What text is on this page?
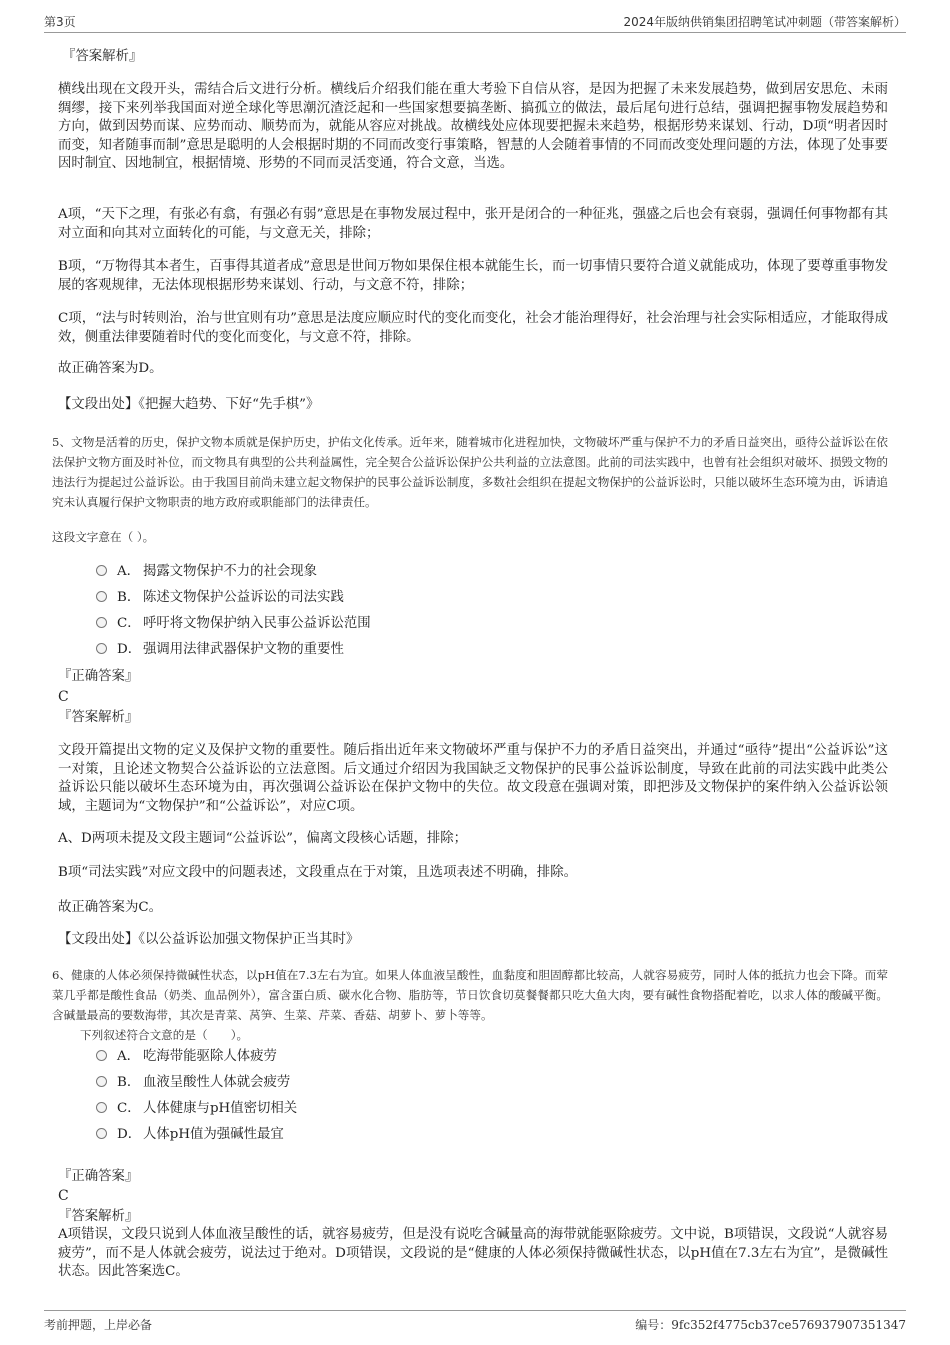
第3页	2024年版纳供销集团招聘笔试冲刺题（带答案解析）
『答案解析』
横线出现在文段开头，需结合后文进行分析。横线后介绍我们能在重大考验下自信从容，是因为把握了未来发展趋势，做到居安思危、未雨绸缪，接下来列举我国面对逆全球化等思潮沉渣泛起和一些国家想要搞垄断、搞孤立的做法，最后尾句进行总结，强调把握事物发展趋势和方向，做到因势而谋、应势而动、顺势而为，就能从容应对挑战。故横线处应体现要把握未来趋势，根据形势来谋划、行动，D项“明者因时而变，知者随事而制”意思是聪明的人会根据时期的不同而改变行事策略，智慧的人会随着事情的不同而改变处理问题的方法，体现了处事要因时制宜、因地制宜，根据情境、形势的不同而灵活变通，符合文意，当选。
A项，“天下之理，有张必有翕，有强必有弱”意思是在事物发展过程中，张开是闭合的一种征兆，强盛之后也会有衰弱，强调任何事物都有其对立面和向其对立面转化的可能，与文意无关，排除；
B项，“万物得其本者生，百事得其道者成”意思是世间万物如果保住根本就能生长，而一切事情只要符合道义就能成功，体现了要尊重事物发展的客观规律，无法体现根据形势来谋划、行动，与文意不符，排除；
C项，“法与时转则治，治与世宜则有功”意思是法度应顺应时代的变化而变化，社会才能治理得好，社会治理与社会实际相适应，才能取得成效，侧重法律要随着时代的变化而变化，与文意不符，排除。
故正确答案为D。
【文段出处】《把握大趋势、下好“先手棋”》
5、文物是活着的历史，保护文物本质就是保护历史，护佑文化传承。近年来，随着城市化进程加快，文物破坏严重与保护不力的矛盾日益突出，亟待公益诉讼在依法保护文物方面及时补位，而文物具有典型的公共利益属性，完全契合公益诉讼保护公共利益的立法意图。此前的司法实践中，也曾有社会组织对破坏、损毁文物的违法行为提起过公益诉讼。由于我国目前尚未建立起文物保护的民事公益诉讼制度，多数社会组织在提起文物保护的公益诉讼时，只能以破坏生态环境为由，诉请追究未认真履行保护文物职责的地方政府或职能部门的法律责任。
这段文字意在（ ）。
A． 揭露文物保护不力的社会现象
B． 陈述文物保护公益诉讼的司法实践
C． 呼吁将文物保护纳入民事公益诉讼范围
D． 强调用法律武器保护文物的重要性
『正确答案』
C
『答案解析』
文段开篇提出文物的定义及保护文物的重要性。随后指出近年来文物破坏严重与保护不力的矛盾日益突出，并通过“亟待”提出“公益诉讼”这一对策，且论述文物契合公益诉讼的立法意图。后文通过介绍因为我国缺乏文物保护的民事公益诉讼制度，导致在此前的司法实践中此类公益诉讼只能以破坏生态环境为由，再次强调公益诉讼在保护文物中的失位。故文段意在强调对策，即把涉及文物保护的案件纳入公益诉讼领域，主题词为“文物保护”和“公益诉讼”，对应C项。
A、D两项未提及文段主题词“公益诉讼”，偏离文段核心话题，排除；
B项“司法实践”对应文段中的问题表述，文段重点在于对策，且选项表述不明确，排除。
故正确答案为C。
【文段出处】《以公益诉讼加强文物保护正当其时》
6、健康的人体必须保持微碱性状态，以pH值在7.3左右为宜。如果人体血液呈酸性，血黏度和胆固醇都比较高，人就容易疲劳，同时人体的抵抗力也会下降。而荤菜几乎都是酸性食品（奶类、血品例外），富含蛋白质、碳水化合物、脂肪等，节日饮食切莫餐餐都只吃大鱼大肉，要有碱性食物搭配着吃，以求人体的酸碱平衡。含碱量最高的要数海带，其次是青菜、莴笋、生菜、芹菜、香菇、胡萝卜、萝卜等等。
下列叙述符合文意的是（　　）。
A． 吃海带能驱除人体疲劳
B． 血液呈酸性人体就会疲劳
C． 人体健康与pH值密切相关
D． 人体pH值为强碱性最宜
『正确答案』
C
『答案解析』
A项错误，文段只说到人体血液呈酸性的话，就容易疲劳，但是没有说吃含碱量高的海带就能驱除疲劳。文中说，B项错误，文段说“人就容易疲劳”，而不是人体就会疲劳，说法过于绝对。D项错误，文段说的是“健康的人体必须保持微碱性状态，以pH值在7.3左右为宜”，是微碱性状态。因此答案选C。
考前押题，上岸必备	编号：9fc352f4775cb37ce576937907351347
